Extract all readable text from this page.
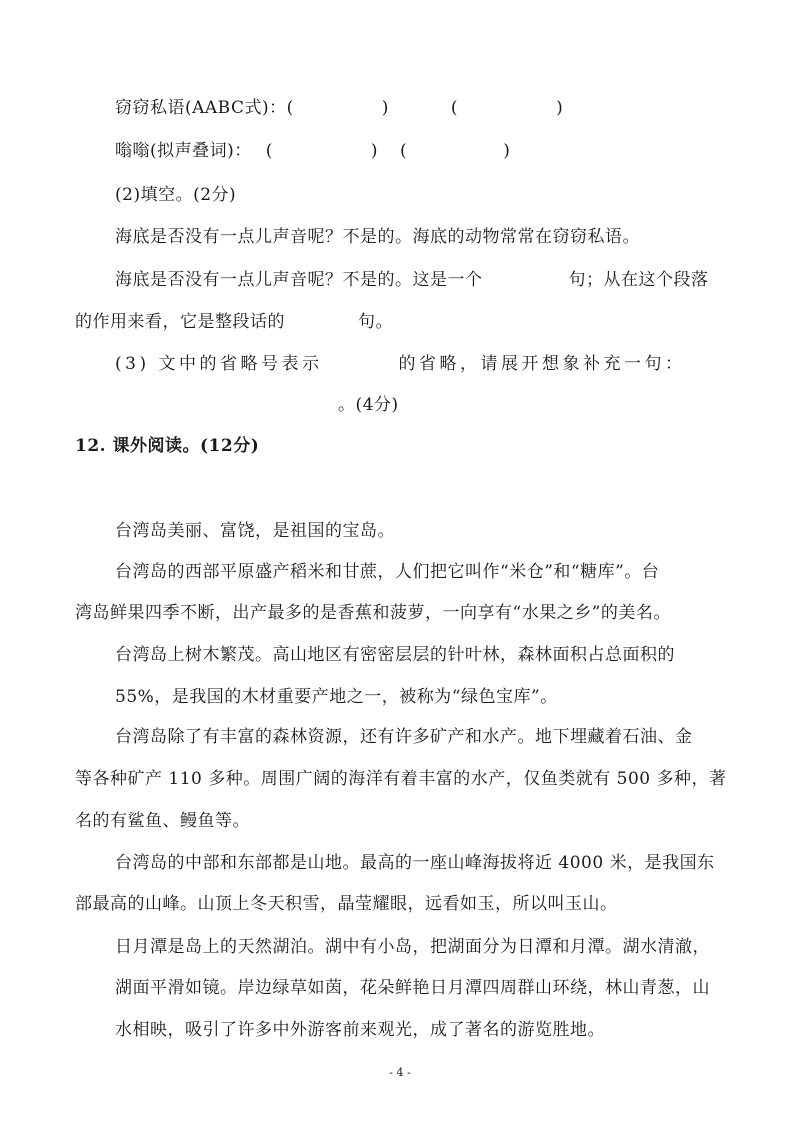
窃窃私语(AABC式)：(	)	(	)
嗡嗡(拟声叠词)： (	) (	)
(2)填空。(2分)
海底是否没有一点儿声音呢？不是的。海底的动物常常在窃窃私语。
海底是否没有一点儿声音呢？不是的。这是一个	句；从在这个段落
的作用来看，它是整段话的	句。
(3) 文中的省略号表示	的省略，请展开想象补充一句：
。(4分)
12. 课外阅读。(12分)
台湾岛美丽、富饶，是祖国的宝岛。
台湾岛的西部平原盛产稻米和甘蔗，人们把它叫作“米仓”和“糖库”。台
湾岛鲜果四季不断，出产最多的是香蕉和菠萝，一向享有“水果之乡”的美名。
台湾岛上树木繁茂。高山地区有密密层层的针叶林，森林面积占总面积的
55%，是我国的木材重要产地之一，被称为“绿色宝库”。
台湾岛除了有丰富的森林资源，还有许多矿产和水产。地下埋藏着石油、金
等各种矿产 110 多种。周围广阔的海洋有着丰富的水产，仅鱼类就有 500 多种，著
名的有鲨鱼、鳗鱼等。
台湾岛的中部和东部都是山地。最高的一座山峰海拔将近 4000 米，是我国东
部最高的山峰。山顶上冬天积雪，晶莹耀眼，远看如玉，所以叫玉山。
日月潭是岛上的天然湖泊。湖中有小岛，把湖面分为日潭和月潭。湖水清澈，
湖面平滑如镜。岸边绿草如茵，花朵鲜艳日月潭四周群山环绕，林山青葱，山
水相映，吸引了许多中外游客前来观光，成了著名的游览胜地。
- 4 -
